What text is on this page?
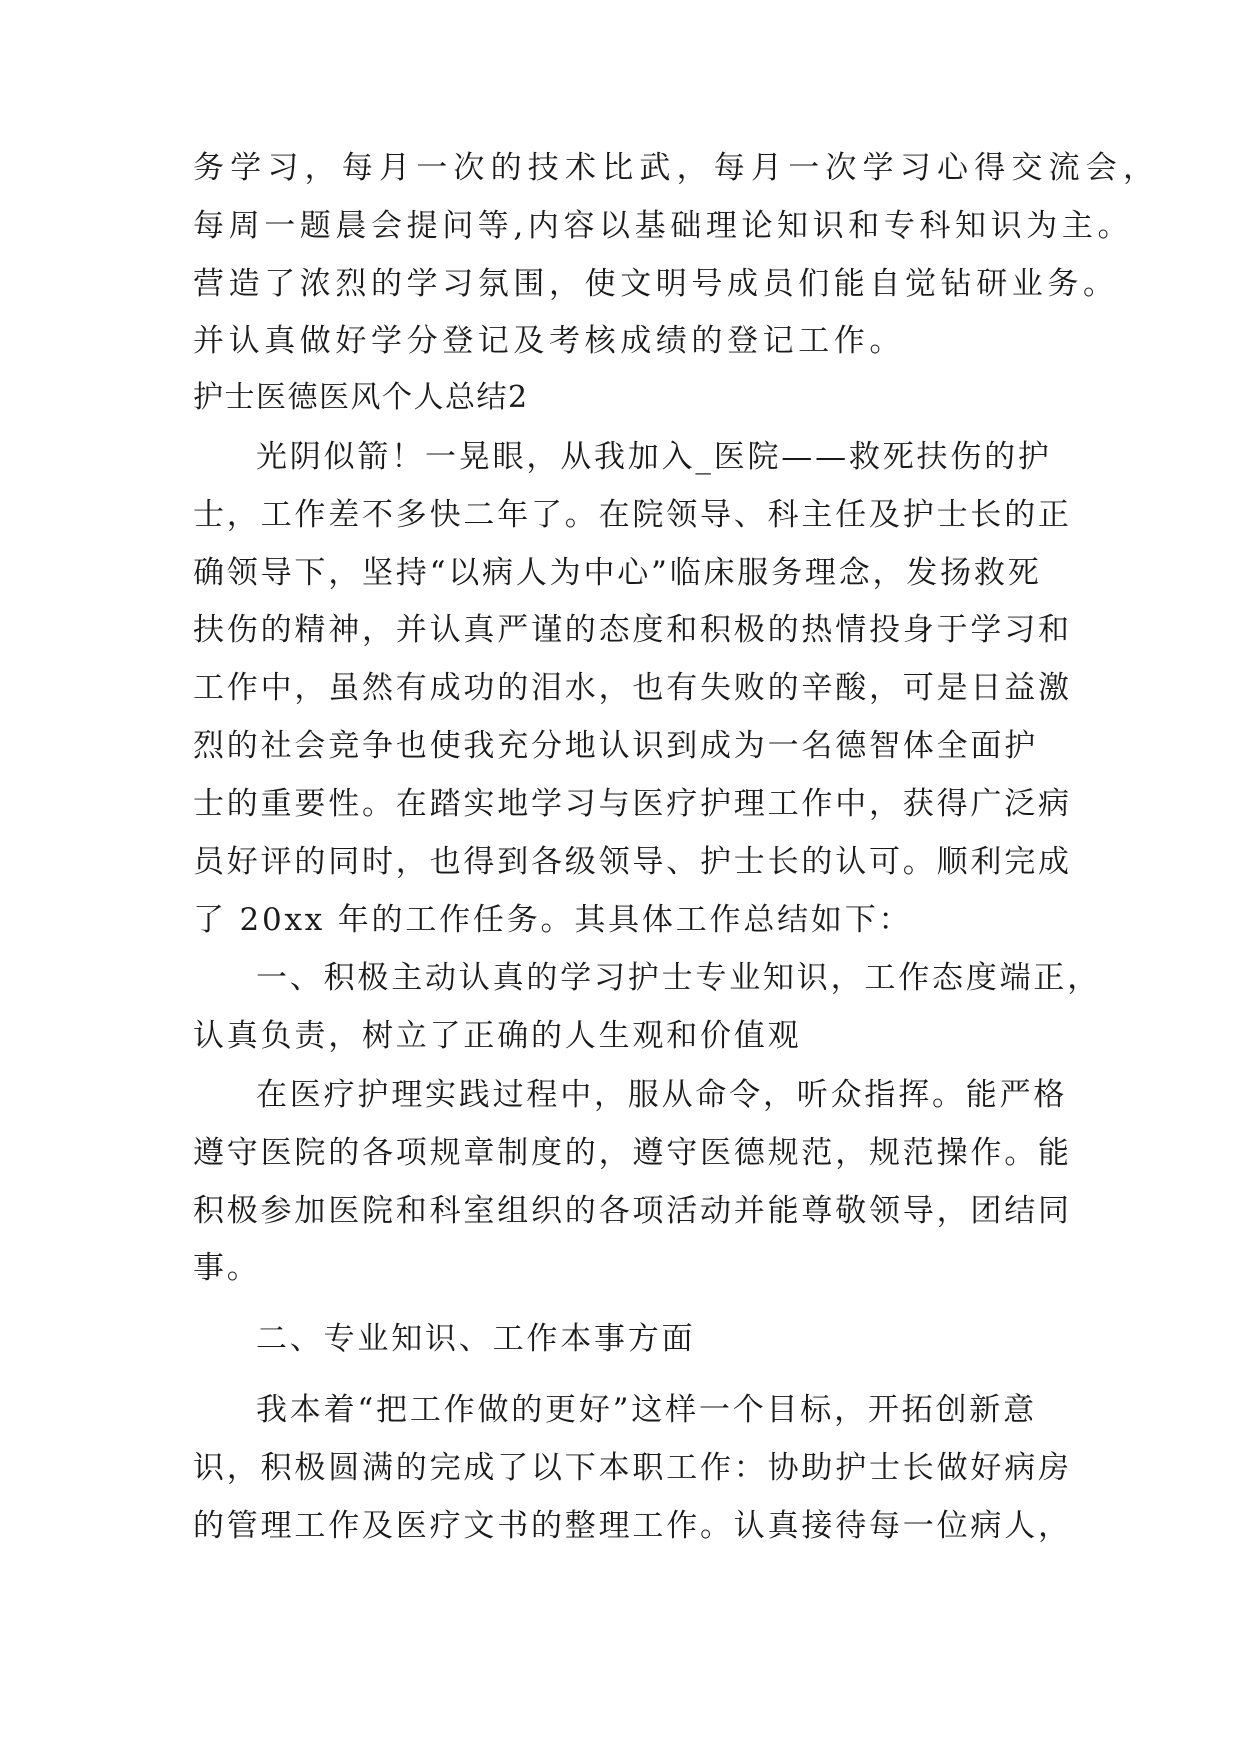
务学习，每月一次的技术比武，每月一次学习心得交流会，
每周一题晨会提问等,内容以基础理论知识和专科知识为主。
营造了浓烈的学习氛围，使文明号成员们能自觉钻研业务。
并认真做好学分登记及考核成绩的登记工作。
护士医德医风个人总结2
光阴似箭！一晃眼，从我加入_医院——救死扶伤的护
士，工作差不多快二年了。在院领导、科主任及护士长的正
确领导下，坚持“以病人为中心”临床服务理念，发扬救死
扶伤的精神，并认真严谨的态度和积极的热情投身于学习和
工作中，虽然有成功的泪水，也有失败的辛酸，可是日益激
烈的社会竞争也使我充分地认识到成为一名德智体全面护
士的重要性。在踏实地学习与医疗护理工作中，获得广泛病
员好评的同时，也得到各级领导、护士长的认可。顺利完成
了 20xx 年的工作任务。其具体工作总结如下：
一、积极主动认真的学习护士专业知识，工作态度端正，
认真负责，树立了正确的人生观和价值观
在医疗护理实践过程中，服从命令，听众指挥。能严格
遵守医院的各项规章制度的，遵守医德规范，规范操作。能
积极参加医院和科室组织的各项活动并能尊敬领导，团结同
事。
二、专业知识、工作本事方面
我本着“把工作做的更好”这样一个目标，开拓创新意
识，积极圆满的完成了以下本职工作：协助护士长做好病房
的管理工作及医疗文书的整理工作。认真接待每一位病人，
